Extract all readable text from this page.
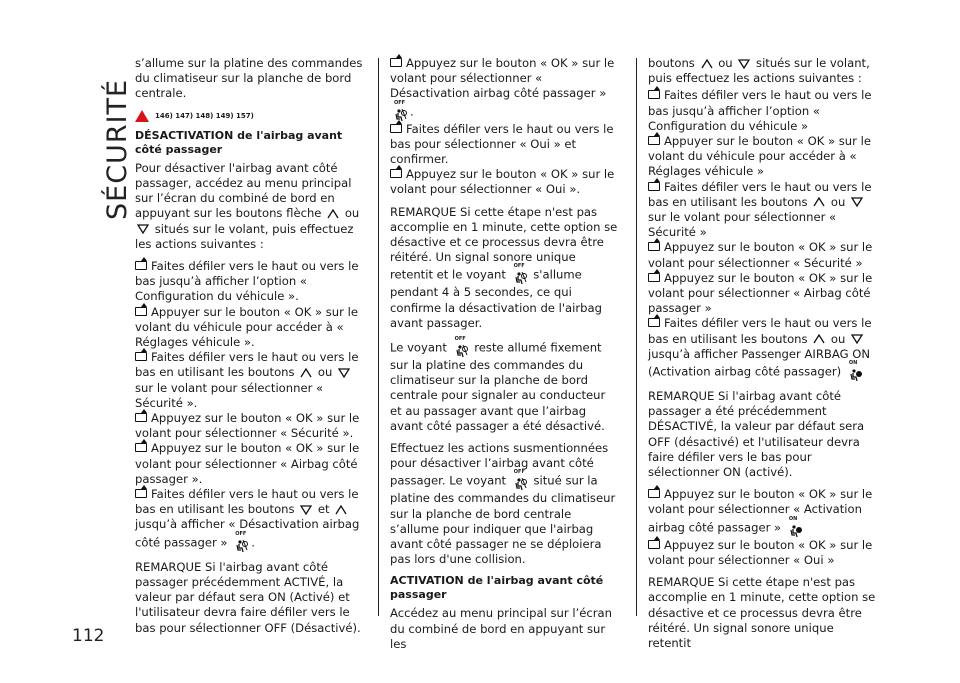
SÉCURITÉ
112

s’allume sur la platine des commandes du climatiseur sur la planche de bord centrale.

146) 147) 148) 149) 157)
DÉSACTIVATION de l'airbag avant côté passager

Pour désactiver l'airbag avant côté passager, accédez au menu principal sur l’écran du combiné de bord en appuyant sur les boutons flèche ou  situés sur le volant, puis effectuez les actions suivantes :

Faites défiler vers le haut ou vers le bas jusqu’à afficher l’option « Configuration du véhicule ».
Appuyer sur le bouton « OK » sur le volant du véhicule pour accéder à « Réglages véhicule ».
Faites défiler vers le haut ou vers le bas en utilisant les boutons ou  sur le volant pour sélectionner « Sécurité ».
Appuyez sur le bouton « OK » sur le volant pour sélectionner « Sécurité ».
Appuyez sur le bouton « OK » sur le volant pour sélectionner « Airbag côté passager ».
Faites défiler vers le haut ou vers le bas en utilisant les boutons et  jusqu’à afficher « Désactivation airbag côté passager »
OFF
.

REMARQUE Si l'airbag avant côté passager précédemment ACTIVÉ, la valeur par défaut sera ON (Activé) et l'utilisateur devra faire défiler vers le bas pour sélectionner OFF (Désactivé).

Appuyez sur le bouton « OK » sur le volant pour sélectionner « Désactivation airbag côté passager »
OFF
.
Faites défiler vers le haut ou vers le bas pour sélectionner « Oui » et confirmer.
Appuyez sur le bouton « OK » sur le volant pour sélectionner « Oui ».

REMARQUE Si cette étape n'est pas accomplie en 1 minute, cette option se désactive et ce processus devra être réitéré. Un signal sonore unique retentit et le voyant
OFF
s'allume pendant 4 à 5 secondes, ce qui confirme la désactivation de l'airbag avant passager.

Le voyant
OFF
reste allumé fixement sur la platine des commandes du climatiseur sur la planche de bord centrale pour signaler au conducteur et au passager avant que l’airbag avant côté passager a été désactivé.

Effectuez les actions susmentionnées pour désactiver l’airbag avant côté passager. Le voyant
OFF
situé sur la platine des commandes du climatiseur sur la planche de bord centrale s’allume pour indiquer que l'airbag avant côté passager ne se déploiera pas lors d'une collision.

ACTIVATION de l'airbag avant côté passager

Accédez au menu principal sur l’écran du combiné de bord en appuyant sur les

boutons ou situés sur le volant, puis effectuez les actions suivantes :

Faites défiler vers le haut ou vers le bas jusqu’à afficher l’option « Configuration du véhicule »
Appuyer sur le bouton « OK » sur le volant du véhicule pour accéder à « Réglages véhicule »
Faites défiler vers le haut ou vers le bas en utilisant les boutons ou  sur le volant pour sélectionner « Sécurité »
Appuyez sur le bouton « OK » sur le volant pour sélectionner « Sécurité »
Appuyez sur le bouton « OK » sur le volant pour sélectionner « Airbag côté passager »
Faites défiler vers le haut ou vers le bas en utilisant les boutons ou  jusqu’à afficher Passenger AIRBAG ON (Activation airbag côté passager)
ON

REMARQUE Si l'airbag avant côté passager a été précédemment DÉSACTIVÉ, la valeur par défaut sera OFF (désactivé) et l'utilisateur devra faire défiler vers le bas pour sélectionner ON (activé).

Appuyez sur le bouton « OK » sur le volant pour sélectionner « Activation airbag côté passager »
ON
Appuyez sur le bouton « OK » sur le volant pour sélectionner « Oui »

REMARQUE Si cette étape n'est pas accomplie en 1 minute, cette option se désactive et ce processus devra être réitéré. Un signal sonore unique retentit
